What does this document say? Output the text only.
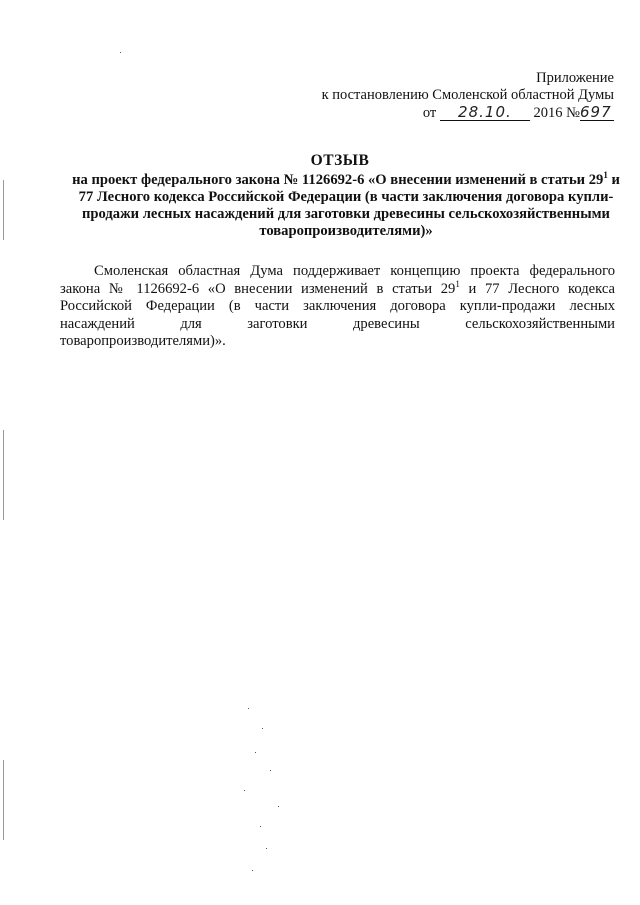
Приложение
к постановлению Смоленской областной Думы
от 28.10. 2016 №697
ОТЗЫВ
на проект федерального закона № 1126692-6 «О внесении изменений в статьи $29^1$ и 77 Лесного кодекса Российской Федерации (в части заключения договора купли-продажи лесных насаждений для заготовки древесины сельскохозяйственными товаропроизводителями)»
Смоленская областная Дума поддерживает концепцию проекта федерального закона № 1126692-6 «О внесении изменений в статьи $29^1$ и 77 Лесного кодекса Российской Федерации (в части заключения договора купли-продажи лесных насаждений для заготовки древесины сельскохозяйственными товаропроизводителями)».
